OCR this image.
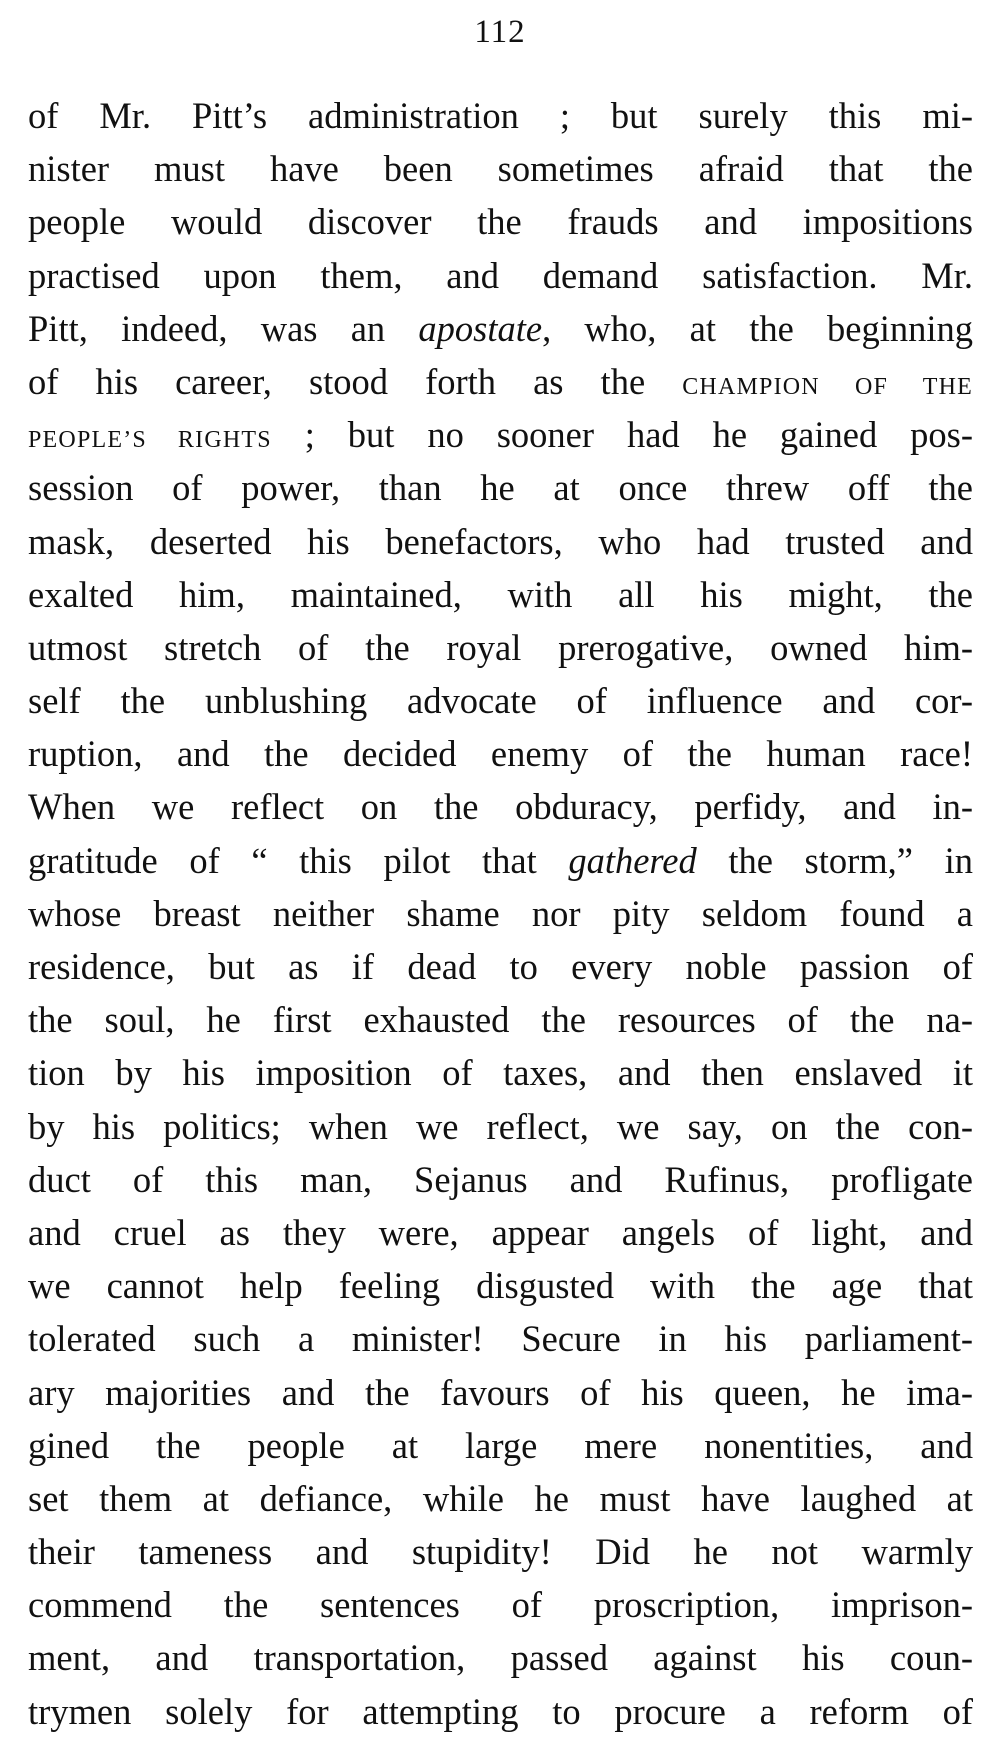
112
of Mr. Pitt’s administration ; but surely this mi-
nister must have been sometimes afraid that the
people would discover the frauds and impositions
practised upon them, and demand satisfaction. Mr.
Pitt, indeed, was an apostate, who, at the beginning
of his career, stood forth as the CHAMPION OF THE
PEOPLE’S RIGHTS ; but no sooner had he gained pos-
session of power, than he at once threw off the
mask, deserted his benefactors, who had trusted and
exalted him, maintained, with all his might, the
utmost stretch of the royal prerogative, owned him-
self the unblushing advocate of influence and cor-
ruption, and the decided enemy of the human race!
When we reflect on the obduracy, perfidy, and in-
gratitude of “ this pilot that gathered the storm,” in
whose breast neither shame nor pity seldom found a
residence, but as if dead to every noble passion of
the soul, he first exhausted the resources of the na-
tion by his imposition of taxes, and then enslaved it
by his politics; when we reflect, we say, on the con-
duct of this man, Sejanus and Rufinus, profligate
and cruel as they were, appear angels of light, and
we cannot help feeling disgusted with the age that
tolerated such a minister! Secure in his parliament-
ary majorities and the favours of his queen, he ima-
gined the people at large mere nonentities, and
set them at defiance, while he must have laughed at
their tameness and stupidity! Did he not warmly
commend the sentences of proscription, imprison-
ment, and transportation, passed against his coun-
trymen solely for attempting to procure a reform of
